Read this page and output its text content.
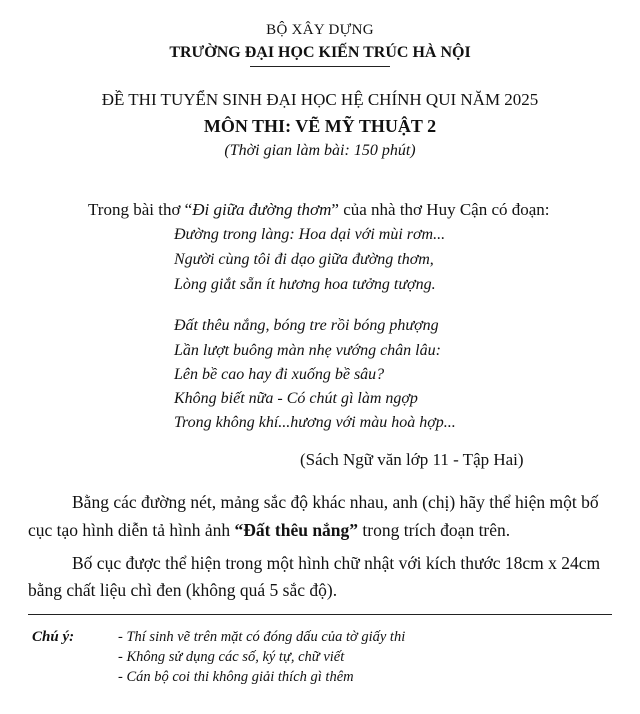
BỘ XÂY DỰNG
TRƯỜNG ĐẠI HỌC KIẾN TRÚC HÀ NỘI
ĐỀ THI TUYỂN SINH ĐẠI HỌC HỆ CHÍNH QUI NĂM 2025
MÔN THI: VẼ MỸ THUẬT 2
(Thời gian làm bài: 150 phút)
Trong bài thơ “Đi giữa đường thơm” của nhà thơ Huy Cận có đoạn:
Đường trong làng: Hoa dại với mùi rơm...
Người cùng tôi đi dạo giữa đường thơm,
Lòng giắt sẵn ít hương hoa tưởng tượng.
Đất thêu nắng, bóng tre rồi bóng phượng
Lần lượt buông màn nhẹ vướng chân lâu:
Lên bề cao hay đi xuống bề sâu?
Không biết nữa - Có chút gì làm ngợp
Trong không khí...hương với màu hoà hợp...
(Sách Ngữ văn lớp 11 - Tập Hai)
Bằng các đường nét, mảng sắc độ khác nhau, anh (chị) hãy thể hiện một bố
cục tạo hình diễn tả hình ảnh “Đất thêu nắng” trong trích đoạn trên.
Bố cục được thể hiện trong một hình chữ nhật với kích thước 18cm x 24cm
bằng chất liệu chì đen (không quá 5 sắc độ).
Chú ý:	- Thí sinh vẽ trên mặt có đóng dấu của tờ giấy thi
- Không sử dụng các số, ký tự, chữ viết
- Cán bộ coi thi không giải thích gì thêm
